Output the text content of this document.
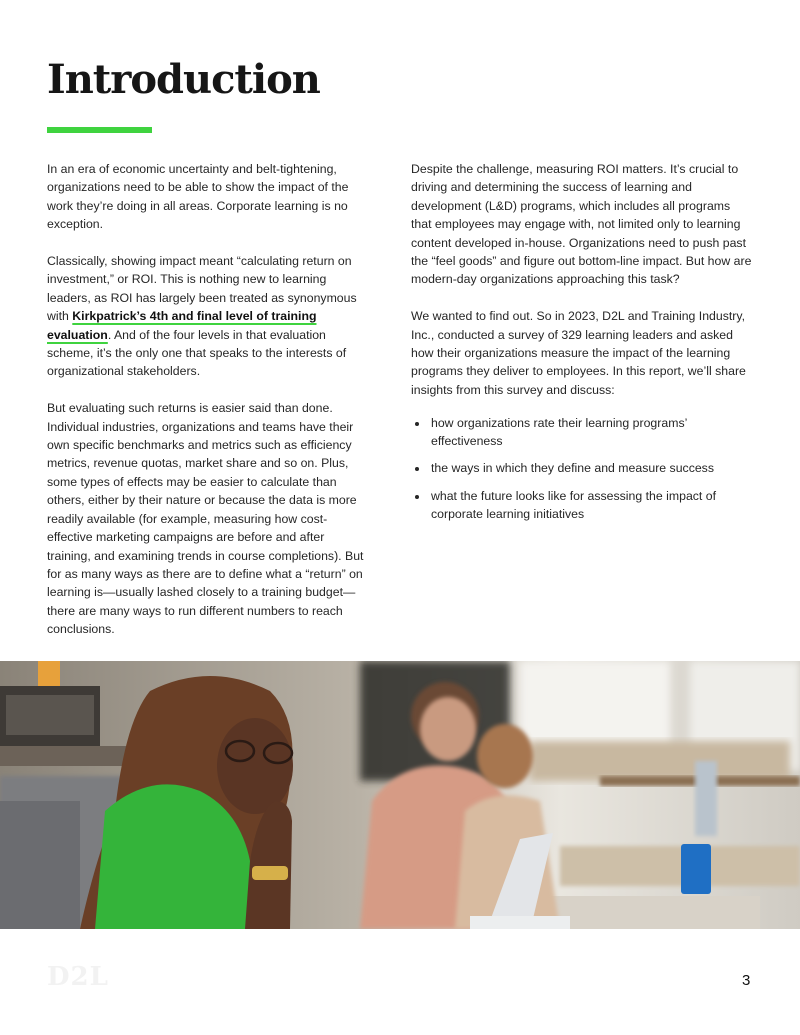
Introduction

In an era of economic uncertainty and belt-tightening, organizations need to be able to show the impact of the work they’re doing in all areas. Corporate learning is no exception.

Classically, showing impact meant “calculating return on investment,” or ROI. This is nothing new to learning leaders, as ROI has largely been treated as synonymous with Kirkpatrick’s 4th and final level of training evaluation. And of the four levels in that evaluation scheme, it’s the only one that speaks to the interests of organizational stakeholders.

But evaluating such returns is easier said than done. Individual industries, organizations and teams have their own specific benchmarks and metrics such as efficiency metrics, revenue quotas, market share and so on. Plus, some types of effects may be easier to calculate than others, either by their nature or because the data is more readily available (for example, measuring how cost-effective marketing campaigns are before and after training, and examining trends in course completions). But for as many ways as there are to define what a “return” on learning is—usually lashed closely to a training budget—there are many ways to run different numbers to reach conclusions.

Despite the challenge, measuring ROI matters. It’s crucial to driving and determining the success of learning and development (L&D) programs, which includes all programs that employees may engage with, not limited only to learning content developed in-house. Organizations need to push past the “feel goods” and figure out bottom-line impact. But how are modern-day organizations approaching this task?

We wanted to find out. So in 2023, D2L and Training Industry, Inc., conducted a survey of 329 learning leaders and asked how their organizations measure the impact of the learning programs they deliver to employees. In this report, we’ll share insights from this survey and discuss:

• how organizations rate their learning programs’ effectiveness
• the ways in which they define and measure success
• what the future looks like for assessing the impact of corporate learning initiatives
D2L	3
